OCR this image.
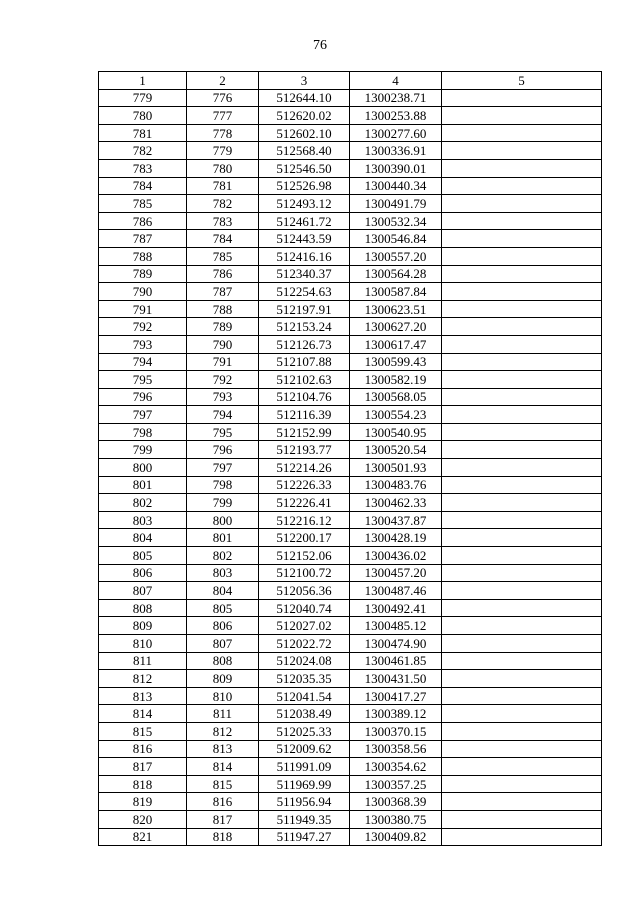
76
1	2	3	4	5
779	776	512644.10	1300238.71	
780	777	512620.02	1300253.88	
781	778	512602.10	1300277.60	
782	779	512568.40	1300336.91	
783	780	512546.50	1300390.01	
784	781	512526.98	1300440.34	
785	782	512493.12	1300491.79	
786	783	512461.72	1300532.34	
787	784	512443.59	1300546.84	
788	785	512416.16	1300557.20	
789	786	512340.37	1300564.28	
790	787	512254.63	1300587.84	
791	788	512197.91	1300623.51	
792	789	512153.24	1300627.20	
793	790	512126.73	1300617.47	
794	791	512107.88	1300599.43	
795	792	512102.63	1300582.19	
796	793	512104.76	1300568.05	
797	794	512116.39	1300554.23	
798	795	512152.99	1300540.95	
799	796	512193.77	1300520.54	
800	797	512214.26	1300501.93	
801	798	512226.33	1300483.76	
802	799	512226.41	1300462.33	
803	800	512216.12	1300437.87	
804	801	512200.17	1300428.19	
805	802	512152.06	1300436.02	
806	803	512100.72	1300457.20	
807	804	512056.36	1300487.46	
808	805	512040.74	1300492.41	
809	806	512027.02	1300485.12	
810	807	512022.72	1300474.90	
811	808	512024.08	1300461.85	
812	809	512035.35	1300431.50	
813	810	512041.54	1300417.27	
814	811	512038.49	1300389.12	
815	812	512025.33	1300370.15	
816	813	512009.62	1300358.56	
817	814	511991.09	1300354.62	
818	815	511969.99	1300357.25	
819	816	511956.94	1300368.39	
820	817	511949.35	1300380.75	
821	818	511947.27	1300409.82	
